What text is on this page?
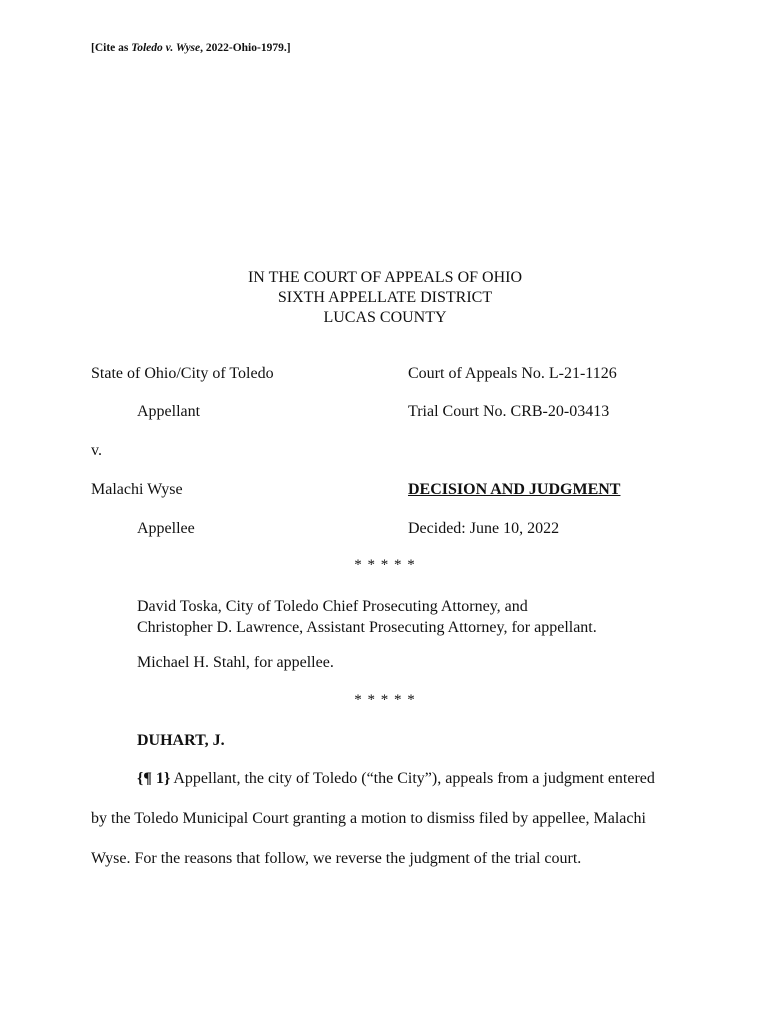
[Cite as Toledo v. Wyse, 2022-Ohio-1979.]
IN THE COURT OF APPEALS OF OHIO
SIXTH APPELLATE DISTRICT
LUCAS COUNTY
State of Ohio/City of Toledo	Court of Appeals No. L-21-1126
Appellant	Trial Court No. CRB-20-03413
v.
Malachi Wyse	DECISION AND JUDGMENT
Appellee	Decided: June 10, 2022
* * * * *
David Toska, City of Toledo Chief Prosecuting Attorney, and
Christopher D. Lawrence, Assistant Prosecuting Attorney, for appellant.
Michael H. Stahl, for appellee.
* * * * *
DUHART, J.
{¶ 1} Appellant, the city of Toledo (“the City”), appeals from a judgment entered
by the Toledo Municipal Court granting a motion to dismiss filed by appellee, Malachi
Wyse. For the reasons that follow, we reverse the judgment of the trial court.
